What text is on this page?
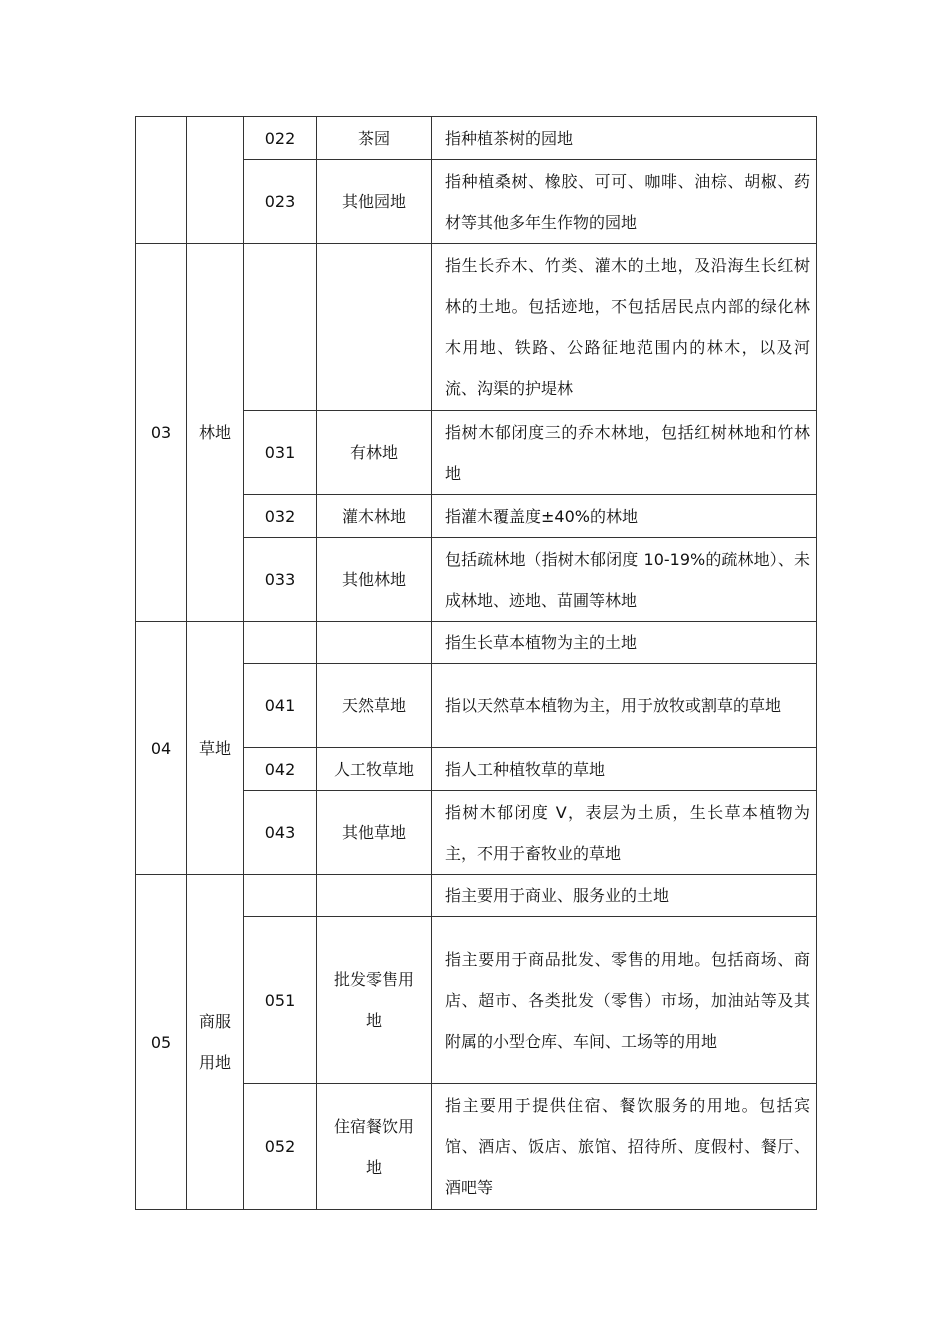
		022	茶园	指种植茶树的园地
		023	其他园地	指种植桑树、橡胶、可可、咖啡、油棕、胡椒、药材等其他多年生作物的园地
03	林地			指生长乔木、竹类、灌木的土地，及沿海生长红树林的土地。包括迹地，不包括居民点内部的绿化林木用地、铁路、公路征地范围内的林木，以及河流、沟渠的护堤林
		031	有林地	指树木郁闭度三的乔木林地，包括红树林地和竹林地
		032	灌木林地	指灌木覆盖度±40%的林地
		033	其他林地	包括疏林地（指树木郁闭度 10-19%的疏林地）、未成林地、迹地、苗圃等林地
04	草地			指生长草本植物为主的土地
		041	天然草地	指以天然草本植物为主，用于放牧或割草的草地
		042	人工牧草地	指人工种植牧草的草地
		043	其他草地	指树木郁闭度 V，表层为土质，生长草本植物为主，不用于畜牧业的草地
05	商服用地			指主要用于商业、服务业的土地
		051	批发零售用地	指主要用于商品批发、零售的用地。包括商场、商店、超市、各类批发（零售）市场，加油站等及其附属的小型仓库、车间、工场等的用地
		052	住宿餐饮用地	指主要用于提供住宿、餐饮服务的用地。包括宾馆、酒店、饭店、旅馆、招待所、度假村、餐厅、酒吧等
